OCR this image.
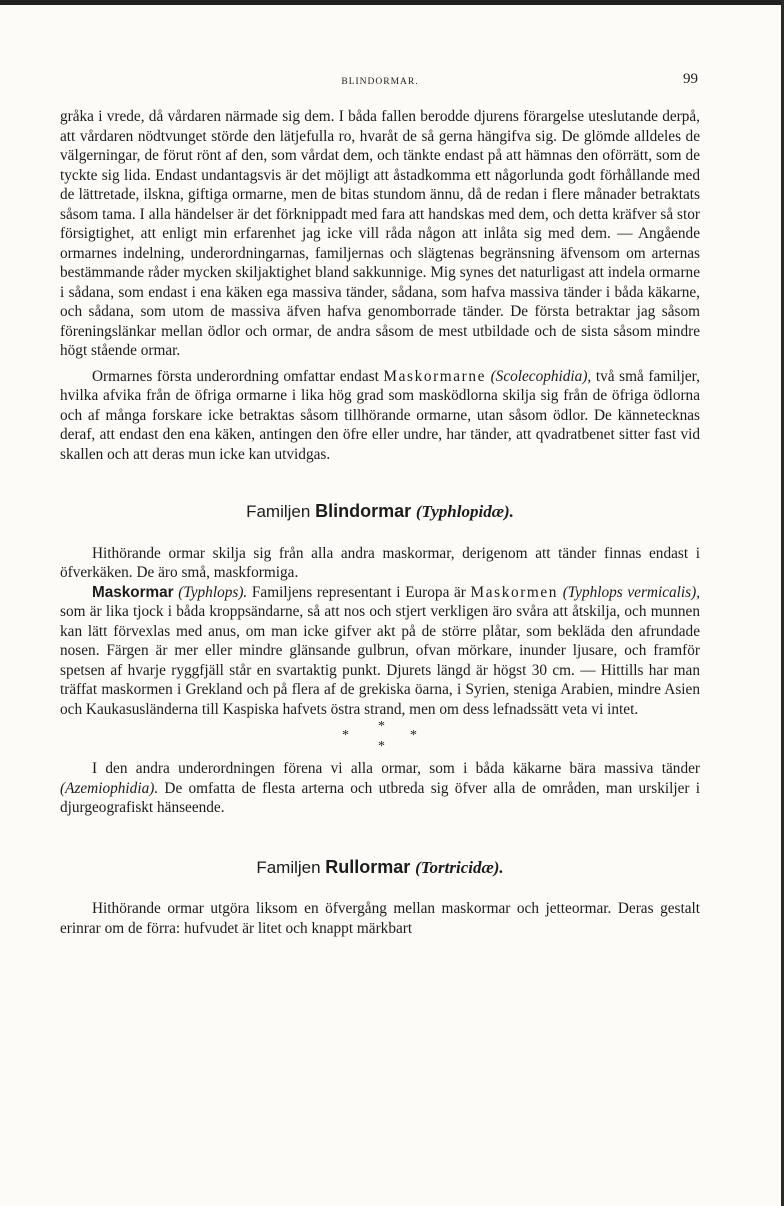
BLINDORMAR.	99

gråka i vrede, då vårdaren närmade sig dem. I båda fallen berodde djurens förargelse uteslutande derpå, att vårdaren nödtvunget störde den lätjefulla ro, hvaråt de så gerna hängifva sig. De glömde alldeles de välgerningar, de förut rönt af den, som vårdat dem, och tänkte endast på att hämnas den oförrätt, som de tyckte sig lida. Endast undantagsvis är det möjligt att åstadkomma ett någorlunda godt förhållande med de lättretade, ilskna, giftiga ormarne, men de bitas stundom ännu, då de redan i flere månader betraktats såsom tama. I alla händelser är det förknippadt med fara att handskas med dem, och detta kräfver så stor försigtighet, att enligt min erfarenhet jag icke vill råda någon att inlåta sig med dem. — Angående ormarnes indelning, underordningarnas, familjernas och slägtenas begränsning äfvensom om arternas bestämmande råder mycken skiljaktighet bland sakkunnige. Mig synes det naturligast att indela ormarne i sådana, som endast i ena käken ega massiva tänder, sådana, som hafva massiva tänder i båda käkarne, och sådana, som utom de massiva äfven hafva genomborrade tänder. De första betraktar jag såsom föreningslänkar mellan ödlor och ormar, de andra såsom de mest utbildade och de sista såsom mindre högt stående ormar.

Ormarnes första underordning omfattar endast Maskormarne (Scolecophidia), två små familjer, hvilka afvika från de öfriga ormarne i lika hög grad som masködlorna skilja sig från de öfriga ödlorna och af många forskare icke betraktas såsom tillhörande ormarne, utan såsom ödlor. De kännetecknas deraf, att endast den ena käken, antingen den öfre eller undre, har tänder, att qvadratbenet sitter fast vid skallen och att deras mun icke kan utvidgas.

Familjen Blindormar (Typhlopidæ).

Hithörande ormar skilja sig från alla andra maskormar, derigenom att tänder finnas endast i öfverkäken. De äro små, maskformiga.

Maskormar (Typhlops). Familjens representant i Europa är Maskormen (Typhlops vermicalis), som är lika tjock i båda kroppsändarne, så att nos och stjert verkligen äro svåra att åtskilja, och munnen kan lätt förvexlas med anus, om man icke gifver akt på de större plåtar, som bekläda den afrundade nosen. Färgen är mer eller mindre glänsande gulbrun, ofvan mörkare, inunder ljusare, och framför spetsen af hvarje ryggfjäll står en svartaktig punkt. Djurets längd är högst 30 cm. — Hittills har man träffat maskormen i Grekland och på flera af de grekiska öarna, i Syrien, steniga Arabien, mindre Asien och Kaukasusländerna till Kaspiska hafvets östra strand, men om dess lefnadssätt veta vi intet.

*
*	*
*

I den andra underordningen förena vi alla ormar, som i båda käkarne bära massiva tänder (Azemiophidia). De omfatta de flesta arterna och utbreda sig öfver alla de områden, man urskiljer i djurgeografiskt hänseende.

Familjen Rullormar (Tortricidæ).

Hithörande ormar utgöra liksom en öfvergång mellan maskormar och jetteormar. Deras gestalt erinrar om de förra: hufvudet är litet och knappt märkbart
